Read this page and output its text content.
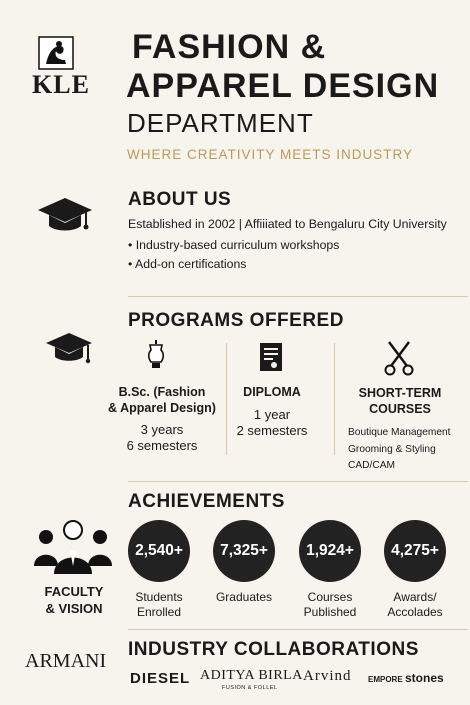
KLE
FASHION &
APPAREL DESIGN
DEPARTMENT
WHERE CREATIVITY MEETS INDUSTRY
ABOUT US
Established in 2002 | Affiiiated to Bengaluru City University
• Industry-based curriculum workshops
• Add-on certifications
PROGRAMS OFFERED
B.Sc. (Fashion
& Apparel Design)
3 years
6 semesters
DIPLOMA
1 year
2 semesters
SHORT-TERM
COURSES
Boutique Management
Grooming & Styling
CAD/CAM
ACHIEVEMENTS
FACULTY
& VISION
2,540+
Students
Enrolled
7,325+
Graduates
1,924+
Courses
Published
4,275+
Awards/
Accolades
INDUSTRY COLLABORATIONS
ARMANI
DIESEL ADITYA BIRLA
FUSION & FOLLEL
Arvind EMPORE stones
